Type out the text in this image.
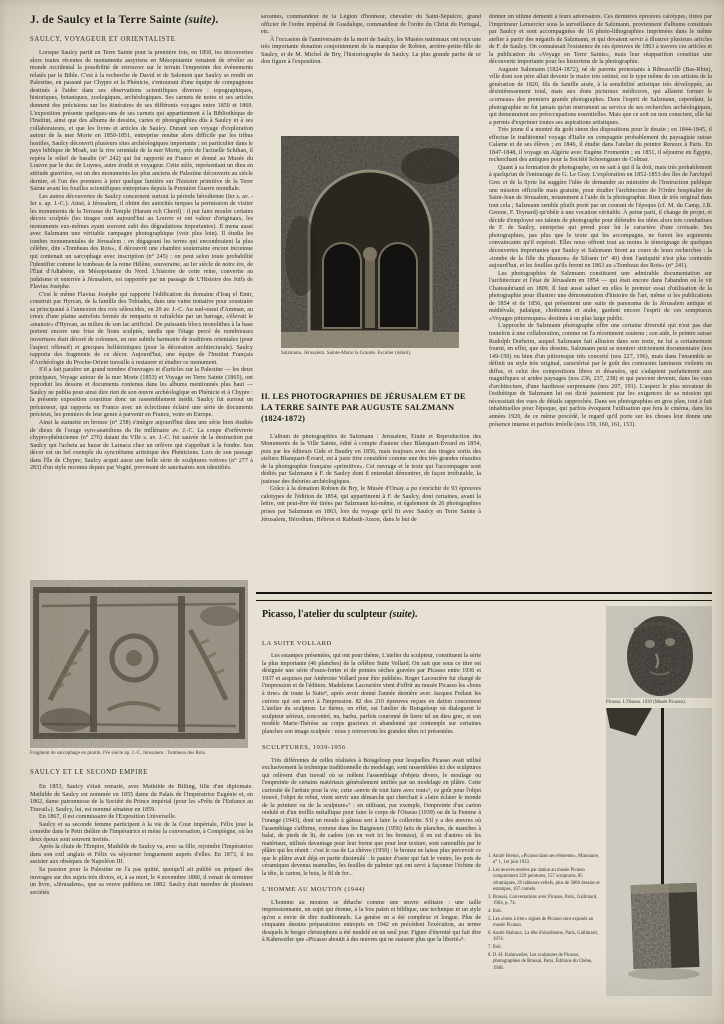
J. de Saulcy et la Terre Sainte (suite).
SAULCY, VOYAGEUR ET ORIENTALISTE

Lorsque Saulcy partit en Terre Sainte pour la première fois, en 1850, les découvertes alors toutes récentes de monuments assyriens en Mésopotamie venaient de révéler au monde occidental la possibilité de retrouver sur le terrain l'empreinte des événements relatés par la Bible. C'est à la recherche de David et de Salomon que Saulcy se rendit en Palestine, en passant par Chypre et la Phénicie, s'entourant d'une équipe de compagnons destinés à l'aider dans ses observations scientifiques diverses : topographiques, historiques, botaniques, zoologiques, archéologiques. Ses carnets de notes et ses articles donnent des précisions sur les itinéraires de ses différents voyages entre 1850 et 1869. L'exposition présente quelques-uns de ses carnets qui appartiennent à la Bibliothèque de l'Institut, ainsi que des albums de dessins, cartes et photographies dûs à Saulcy et à ses collaborateurs, et que les livres et articles de Saulcy. Durant son voyage d'exploration autour de la mer Morte en 1850-1851, entreprise rendue alors difficile par les tribus hostiles, Saulcy découvrit plusieurs sites archéologiques importants ; en particulier dans le pays biblique de Moab, sur la rive orientale de la mer Morte, près de l'actuelle Schihan, il repéra le relief de basalte (n° 242) qui fut rapporté en France et donné au Musée du Louvre par le duc de Luynes, autre érudit et voyageur. Cette stèle, représentant un dieu en attitude guerrière, est un des monuments les plus anciens de Palestine découverts au siècle dernier, et l'un des premiers à jeter quelque lumière sur l'histoire primitive de la Terre Sainte avant les fouilles scientifiques entreprises depuis la Première Guerre mondiale.

Les autres découvertes de Saulcy concernent surtout la période hérodienne (Ier s. av. - Ier s. ap. J.-C.). Ainsi, à Jérusalem, il obtint des autorités turques la permission de visiter les monuments de la Terrasse du Temple (Haram ech Cherif) : il put faire mouler certains décors sculptés (les tirages sont aujourd'hui au Louvre et ont valeur d'originaux, les monuments eux-mêmes ayant souvent subi des dégradations importantes). Il mena aussi avec Salzmann une véritable campagne photographique (voir plus loin). Il étudia les tombes monumentales de Jérusalem : en dégageant les terres qui encombraient la plus célèbre, dite «Tombeau des Rois», il découvrit une chambre souterraine encore inconnue qui contenait un sarcophage avec inscription (n° 245) : on peut selon toute probabilité l'identifier comme le tombeau de la reine Hélène, souveraine, au Ier siècle de notre ère, de l'État d'Adiabène, en Mésopotamie du Nord. L'histoire de cette reine, convertie au judaïsme et enterrée à Jérusalem, est rapportée par un passage de L'Histoire des Juifs de Flavius Josèphe.

C'est le même Flavius Josèphe qui rapporte l'édification du domaine d'Iraq el Emir, construit par Hyrcan, de la famille des Tobiades, dans une vaine tentative pour soustraire sa principauté à l'annexion des rois séleucides, en 20 av. J.-C. Au sud-ouest d'Amman, au creux d'une plaine autrefois fermée de remparts et rafraîchie par un barrage, s'élevait le «manoir» d'Hyrcan, au milieu de son lac artificiel. De puissants blocs monolithes à la base portent encore une frise de lions sculptés, tandis que l'étage percé de nombreuses ouvertures était décoré de colonnes, en une subtile harmonie de traditions orientales (pour l'aspect offensif) et grecques hellénistiques (pour la décoration architecturale). Saulcy rapporta des fragments de ce décor. Aujourd'hui, une équipe de l'Institut Français d'Archéologie du Proche-Orient travaille à restaurer et étudier ce monument.

S'il a fait paraître un grand nombre d'ouvrages et d'articles sur la Palestine — les deux principaux, Voyage autour de la mer Morte (1853) et Voyage en Terre Sainte (1865), ont reproduit les dessins et documents contenus dans les albums mentionnés plus haut — Saulcy ne publia pour ainsi dire rien de son œuvre archéologique en Phénicie et à Chypre : la présente exposition constitue donc un rassemblement inédit. Saulcy fut surtout un précurseur, qui rapporta en France avec un éclectisme éclairé une série de documents précieux, les premiers de leur genre à parvenir en France, voire en Europe.

Ainsi la statuette en bronze (n° 258) s'intègre aujourd'hui dans une série bien étudiée de dieux de l'orage syro-anatoliens du IIe millénaire av. J.-C. La coupe d'orfèvrerie chypro-phénicienne (n° 276) datant du VIIe s. av. J.-C. fut sauvée de la destruction par Saulcy qui l'acheta au bazar de Larnaca chez un orfèvre qui s'apprêtait à la fondre. Son décor est un bel exemple du syncrétisme artistique des Phéniciens. Lors de son passage dans l'île de Chypre, Saulcy acquit aussi une belle série de sculptures votives (n° 277 à 283) d'un style reconnu depuis par Vogüé, provenant de sanctuaires non identifiés.

Fragment de sarcophage en plomb. IVe siècle ap. J.-C. Jérusalem : Tombeau des Rois.
SAULCY ET LE SECOND EMPIRE

En 1853, Saulcy s'était remarié, avec Mathilde de Billing, fille d'un diplomate. Mathilde de Saulcy est nommée en 1855 dame du Palais de l'Impératrice Eugénie et, en 1862, dame patronnesse de la Société du Prince impérial (pour les «Prêts de l'Enfance au Travail»). Saulcy, lui, est nommé sénateur en 1859.

En 1867, il est commissaire de l'Exposition Universelle.

Saulcy et sa seconde femme participent à la vie de la Cour impériale, Félix joue la comédie dans le Petit théâtre de l'Impératrice et mène la conversation, à Compiègne, où les deux époux sont souvent invités.

Après la chute de l'Empire, Mathilde de Saulcy va, avec sa fille, rejoindre l'Impératrice dans son exil anglais et Félix va séjourner longuement auprès d'elles. En 1873, il ira assister aux obsèques de Napoléon III.

Sa passion pour la Palestine ne l'a pas quitté, quoiqu'il ait publié ou préparé des ouvrages sur des sujets très divers, et, à sa mort, le 4 novembre 1880, il venait de terminer un livre, «Jérusalem», que sa veuve publiera en 1882. Saulcy était membre de plusieurs sociétés

savantes, commandeur de la Légion d'honneur, chevalier du Saint-Sépulcre, grand officier de l'ordre impérial de Guadalupe, commandeur de l'ordre du Christ du Portugal, etc.

À l'occasion de l'anniversaire de la mort de Saulcy, les Musées nationaux ont reçu une très importante donation conjointement de la marquise de Robien, arrière-petite-fille de Saulcy, et de M. Michel de Bry, l'historiographe de Saulcy. La plus grande partie de ce don figure à l'exposition.

Salzmann. Jérusalem. Sainte-Marie la Grande. Escalier (détail).
II. LES PHOTOGRAPHIES DE JÉRUSALEM ET DE LA TERRE SAINTE PAR AUGUSTE SALZMANN (1824-1872)

L'album de photographies de Salzmann : Jérusalem, Étude et Reproduction des Monuments de la Ville Sainte, édité à compte d'auteur chez Blanquart-Évrard en 1854, puis par les éditeurs Gide et Baudry en 1856, mais toujours avec des tirages sortis des ateliers Blanquart-Évrard, est à juste titre considéré comme une des très grandes réussites de la photographie française «primitive». Cet ouvrage et le texte qui l'accompagne sont dédiés par Salzmann à F. de Saulcy dont il entendait démontrer, de façon irréfutable, la justesse des théories archéologiques.

Grâce à la donation Robien de Bry, le Musée d'Orsay a pu s'enrichir de 93 épreuves calotypes de l'édition de 1854, qui appartinrent à F. de Saulcy, dont certaines, avant la lettre, ont peut-être été tirées par Salzmann lui-même, et également de 26 photographies prises par Salzmann en 1863, lors du voyage qu'il fit avec Saulcy en Terre Sainte à Jérusalem, Hérodium, Hébron et Rabbath-Amon, dans le but de

donner un ultime démenti à leurs adversaires. Ces dernières épreuves calotypes, tirées par l'imprimeur Lemercier sous la surveillance de Salzmann, proviennent d'albums constitués par Saulcy et sont accompagnées de 16 photo-lithographies imprimées dans le même atelier à partir des négatifs de Salzmann, et qui devaient servir à illustrer plusieurs articles de F. de Saulcy. On connaissait l'existence de ces épreuves de 1863 à travers ces articles et la publication du «Voyage en Terre Sainte», mais leur réapparition constitue une découverte importante pour les historiens de la photographie.

Auguste Salzmann (1824-1872), né de parents protestants à Ribeauvillé (Bas-Rhin), ville dont son père allait devenir le maire très estimé, est le type même de ces artistes de la génération de 1820, fils de famille aisée, à la sensibilité artistique très développée, au désintéressement total, mais aux dons picturaux médiocres, qui allaient former le «corneau» des premiers grands photographes. Dans l'esprit de Salzmann, cependant, la photographie ne fut jamais qu'un instrument au service de ses recherches archéologiques, qui demeuraient ses préoccupations essentielles. Mais que ce soit ou non conscient, elle lui a permis d'exprimer toutes ses aspirations artistiques.

Très jeune il a montré du goût sinon des dispositions pour le dessin ; en 1844-1845, il effectue le traditionnel voyage d'Italie en compagnie probablement du paysagiste suisse Calame et de ses élèves ; en 1846, il étudie dans l'atelier du peintre Renoux à Paris. En 1847-1848, il voyage en Algérie avec Eugène Fromentin ; en 1851, il séjourne en Égypte, recherchant des antiques pour la Société Schoengauer de Colmar.

Quant à sa formation de photographe, on ne sait à qui il la doit, mais très probablement à quelqu'un de l'entourage de G. Le Gray. L'exploration en 1852-1853 des îles de l'archipel Grec et de la Syrie lui suggère l'idée de demander au ministère de l'Instruction publique une mission officielle mais gratuite, pour étudier l'architecture de l'Ordre hospitalier de Saint-Jean de Jérusalem, notamment à l'aide de la photographie. Rien de très original dans tout cela ; Salzmann semble plutôt porté par un courant de l'époque (cf. M. du Camp, J.B. Greene, F. Teynard) qu'obéir à une vocation véritable. À peine parti, il change de projet, et décide d'employer ses talents de photographe pour défendre les idées alors très combattues de F. de Saulcy, entreprise qui prend pour lui le caractère d'une croisade. Ses photographies, pas plus que le texte qui les accompagne, ne furent les arguments convaincants qu'il espérait. Elles nous offrent tout au moins le témoignage de quelques découvertes importantes que Saulcy et Salzmann firent au cours de leurs recherches : la «tombe de la fille du pharaon» de Siloam (n° 40) dont l'antiquité n'est plus contestée aujourd'hui, et les fouilles qu'ils feront en 1863 au «Tombeau des Rois» (n° 241).

Les photographies de Salzmann constituent une admirable documentation sur l'architecture et l'état de Jérusalem en 1854 — qui était encore dans l'abandon où le vit Chateaubriand en 1809. Il faut aussi saluer en elles le premier essai d'utilisation de la photographie pour illustrer une démonstration d'histoire de l'art, même si les publications de 1854 et de 1856, qui présentent une suite de panorama de la Jérusalem antique et médiévale, judaïque, chrétienne et arabe, gardent encore l'esprit de ces somptueux «Voyages pittoresques» destinés à un plus large public.

L'approche de Salzmann photographe offre une certaine diversité qui n'est pas due toutefois à une collaboration, comme on l'a récemment soutenu ; son aide, le peintre suisse Rudolph Durheim, auquel Salzmann fait allusion dans son texte, ne lui a certainement fourni, en effet, que des dessins. Salzmann peut se montrer strictement documentaire (nos 149-150) ou bien d'un pittoresque très concerté (nos 227, 196), mais dans l'ensemble se définit un style très original, caractérisé par le goût des contrastes lumineux violents ou diffus, et celui des compositions libres et désaxées, qui s'adaptent parfaitement aux magnifiques et arides paysages (nos 236, 237, 238) et qui peuvent devenir, dans les vues d'architecture, d'une hardiesse surprenante (nos 207, 191). L'aspect le plus novateur de l'esthétique de Salzmann lui est dicté justement par les exigences de sa mission qui nécessitait des vues de détails rapprochés. Dans ses photographies en gros plan, tout à fait inhabituelles pour l'époque, qui parfois évoquent l'utilisation que fera le cinéma, dans les années 1920, de ce même procédé, le regard qu'il porte sur les choses leur donne une présence intense et parfois irréelle (nos 159, 160, 161, 153).

Picasso, l'atelier du sculpteur (suite).
LA SUITE VOLLARD

Les estampes présentées, qui ont pour thème, L'atelier du sculpteur, constituent la série la plus importante (46 planches) de la célèbre Suite Vollard. On sait que sous ce titre est désignée une série d'eaux-fortes et de pointes sèches gravées par Picasso entre 1930 et 1937 et acquises par Ambroise Vollard pour être publiées. Roger Lacourière fut chargé de l'impression et de l'édition. Madeleine Lacourière vient d'offrir au musée Picasso les «bons à tirer» de toute la Suite⁵, après avoir donné l'année dernière avec Jacques Frélaut les cuivres qui ont servi à l'impression. 82 des 210 épreuves reçues en dation concernent L'atelier du sculpteur. Le thème, en effet, est l'atelier de Boisgeloup où dialoguent le sculpteur sérieux, concentré, nu, barbu, parfois couronné de lierre tel un dieu grec, et son modèle Marie-Thérèse au corps gracieux et abandonné qui contemple sur certaines planches son image sculptée : nous y retrouvons les grandes têtes ici présentées.

SCULPTURES, 1939-1956

Très différentes de celles réalisées à Boisgeloup pour lesquelles Picasso avait utilisé exclusivement la technique traditionnelle du modelage, sont rassemblées ici des sculptures qui relèvent d'un travail où se mêlent l'assemblage d'objets divers, le moulage ou l'empreinte de certains matériaux généralement unifiés par un modelage en plâtre. Cette curiosité de l'artiste pour la vie, cette «envie de tout faire avec tout»⁶, ce goût pour l'objet trouvé, l'objet de rebut, vient servir une démarche qui cherchait à «faire éclater le monde de la peinture ou de la sculpture»⁷ : en utilisant, par exemple, l'empreinte d'un carton ondulé et d'un treillis métallique pour faire le corps de l'Oiseau (1939) ou de la Femme à l'orange (1943), dont un moule à gâteau sert à faire la collerette. S'il y a des œuvres où l'assemblage s'affirme, comme dans les Baigneurs (1956) faits de planches, de manches à balai, de pieds de lit, de cadres (on en voit ici les bronzes), il en est d'autres où les matériaux, utilisés davantage pour leur forme que pour leur texture, sont camouflés par le plâtre qui les réunit : c'est le cas de La chèvre (1950) : le bronze ne laisse plus percevoir ce que le plâtre avait déjà en partie dissimulé : le panier d'osier qui fait le ventre, les pots de céramiques devenus mamelles, les feuilles de palmier qui ont servi à façonner l'échine de la tête, le carton, le bois, le fil de fer...

L'HOMME AU MOUTON (1944)

L'homme au mouton se détache comme une œuvre solitaire : une taille impressionnante, un sujet qui étonne, à la fois païen et biblique, une technique et un style qu'on a envie de dire traditionnels. La genèse en a été complexe et longue. Plus de cinquante dessins préparatoires entrepris en 1942 en précèdent l'exécution, au terme desquels le berger christophore a été modelé en un seul jour. Figure d'éternité qui fait dire à Kahnweiler que «Picasso aboutit à des œuvres qui ne statuent plus que la liberté»⁸.

1. André Breton, «Picasso dans ses éléments», Minotaure, n° 1, 1er juin 1933.

2. Les œuvres entrées par dation au musée Picasso comprennent 229 peintures, 157 sculptures, 85 céramiques, 29 tableaux-reliefs, plus de 3000 dessins et estampes, 107 carnets.

3. Brassaï, Conversations avec Picasso, Paris, Gallimard, 1964, p. 74.

4. Ibid.

5. Les «bons à tirer» signés de Picasso sont exposés au musée Picasso.

6. André Malraux, La tête d'obsidienne, Paris, Gallimard, 1974.

7. Ibid.

8. D.-H. Kahnweiler, Les sculptures de Picasso, photographies de Brassaï, Paris, Éditions du Chêne, 1948.

Picasso. L'Oiseau. 1939 (Musée Picasso).
